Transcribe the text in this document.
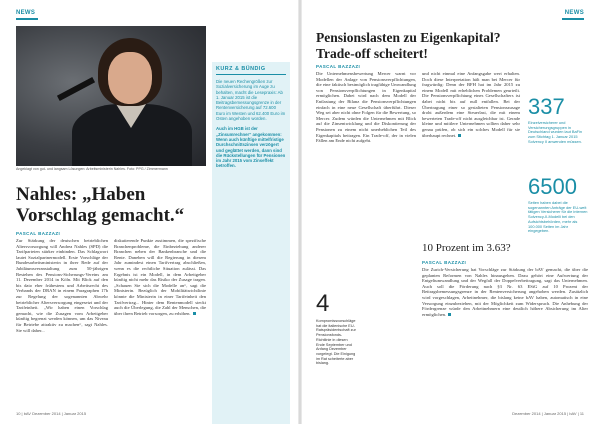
NEWS
Angeklagt von gut- und langsam Lösungen: Arbeitsministerin Nahles. Foto: PPG / Zimmermann
Nahles: „Haben Vorschlag gemacht.“
PASCAL BAZZAZI
Zur Stärkung der deutschen betrieblichen Altersvorsorgung will Andrea Nahles (SPD) die Tarifparteien stärker einbinden. Das Schlagwort lautet Sozialpartnermodell. Erste Vorschläge der Bundesarbeitsministerin in ihrer Rede auf der Jubiläumsveranstaltung zum 50-jährigen Bestehen des Pensions-Sicherungs-Vereins am 11. Dezember 2014 in Köln. Mit Blick auf den bis dato eher frühestens und Arbeitsrecht des Verbands der DRAN in einem Paragraphen 17b zur Regelung der sogenannten Abwehr betrieblicher Altersversorgung eingesetzt und der Tarifeinheit. „Wir haben einen Vorschlag gemacht, wie die Zusagen vom Arbeitgeber künftig begrenzt werden können, um das Niveau für Betriebe attraktiv zu machen“, sagt Nahles. Sie will daher...
diskutierende Punkte zustimmen, die spezifische Branchenprobleme, die Einbeziehung anderer Branchen neben der Bankenbranche und die Rente. Daneben will die Regierung in diesem Jahr zumindest einen Tarifvertrag abschließen, wenn es die rechtliche Situation zulässt. Das Ergebnis ist ein Modell, in dem Arbeitgeber künftig nicht mehr das Risiko der Zusage tragen. „Schauen Sie sich die Modelle an“, sagt die Ministerin. Bezüglich der Mobilitätsrichtlinie könnte die Ministerin in einer Tarifeinheit den Tarifvertrag... Hinter dem Rentenmodell steckt auch die Überlegung, die Zahl der Menschen, die über ihren Betrieb vorsorgen, zu erhöhen.
KURZ & BÜNDIG

Die neuen Rechengrößen zur Sozialversicherung im Auge zu behalten, macht die Lesepraxis: Ab 1. Januar 2015 ist die Beitragsbemessungsgrenze in der Rentenversicherung auf 72.600 Euro im Westen und 62.400 Euro im Osten angehoben worden.

Auch im HGB ist der „Zinsumrechner“ angekommen: Wenn auch künftige mittelfristige Durchschnittszinsen verzögert und geglättet werden, dann sind die Rückstellungen für Pensionen im Jahr 2015 vom Zinseffekt betroffen.

10 | bAV Dezember 2014 | Januar 2015
NEWS
Pensionslasten zu Eigenkapital? Trade-off scheitert!
PASCAL BAZZAZI
Die Unternehmensbewertung Mercer warnt vor Modellen der Anlage von Pensionsverpflichtungen, die eine faktisch bestmöglich tragfähige Umwandlung von Pensionsverpflichtungen in Eigenkapital ermöglichen. Dabei wird nach dem Modell der Entlastung der Bilanz die Pensionsverpflichtungen einfach in eine neue Gesellschaft überführt. Dieser Weg sei aber nicht ohne Folgen für die Bewertung, so Mercer. Zudem würden die Unternehmen mit Blick auf die Zinsentwicklung und die Diskontierung der Pensionen zu einem nicht unerheblichen Teil des Eigenkapitals beitragen. Ein Trade-off, der in vielen Fällen am Ende nicht aufgeht.
und nicht einmal eine Anfangsgabe wert erhalten. Doch diese Interpretation hält man bei Mercer für fragwürdig: Denn der BFH hat im Jahr 2015 zu einem Modell mit erheblichen Problemen geurteilt. Die Pensionsverpflichtung eines Gesellschafters ist dabei nicht bis auf null entfallen. Bei der Übertragung einer so gestalteten Pensionszusage droht außerdem eine Steuerlast, die mit einem bewerteten Trade-off nicht ausgleichbar ist. Gerade kleine und mittlere Unternehmen sollten daher sehr genau prüfen, ob sich ein solches Modell für sie überhaupt rechnet.
337
Einzelversicherer und Versicherungsgruppen in Deutschland wurden laut BaFin zum Stichtag 1. Januar 2015 Solvency II anwenden müssen.
6500
Seiten haben dabei die sogenannten Anträge der EU-weit tätigen Versicherer für die internen Solvency-II-Modelli bei den Aufsichtsbehörden, mehr als 100.000 Seiten im Jahr eingegeben.
10 Prozent im 3.63?
PASCAL BAZZAZI
Die Zurich-Versicherung hat Vorschläge zur Stärkung der bAV gemacht, die über die geplanten Reformen von Nahles hinausgehen. Dazu gehört eine Aufwertung der Entgeltumwandlung und der Wegfall der Doppelverbeitragung, sagt das Unternehmen. Auch soll die Förderung nach §3 Nr. 63 EStG auf 10 Prozent der Beitragsbemessungsgrenze in der Rentenversicherung angehoben werden. Zusätzlich wird vorgeschlagen, Arbeitnehmer, die bislang keine bAV haben, automatisch in eine Versorgung einzubeziehen, mit der Möglichkeit zum Widerspruch. Die Anhebung der Fördergrenze würde den Arbeitnehmern eine deutlich höhere Absicherung im Alter ermöglichen.
Dezember 2014 | Januar 2015 | bAV | 11
4
Kompromissvorschläge hat die italienische EU-Ratspräsidentschaft zur Pensionsfonds-Richtlinie in diesen Ende September und Anfang Dezember vorgelegt. Die Einigung im Rat scheiterte aber bislang.
